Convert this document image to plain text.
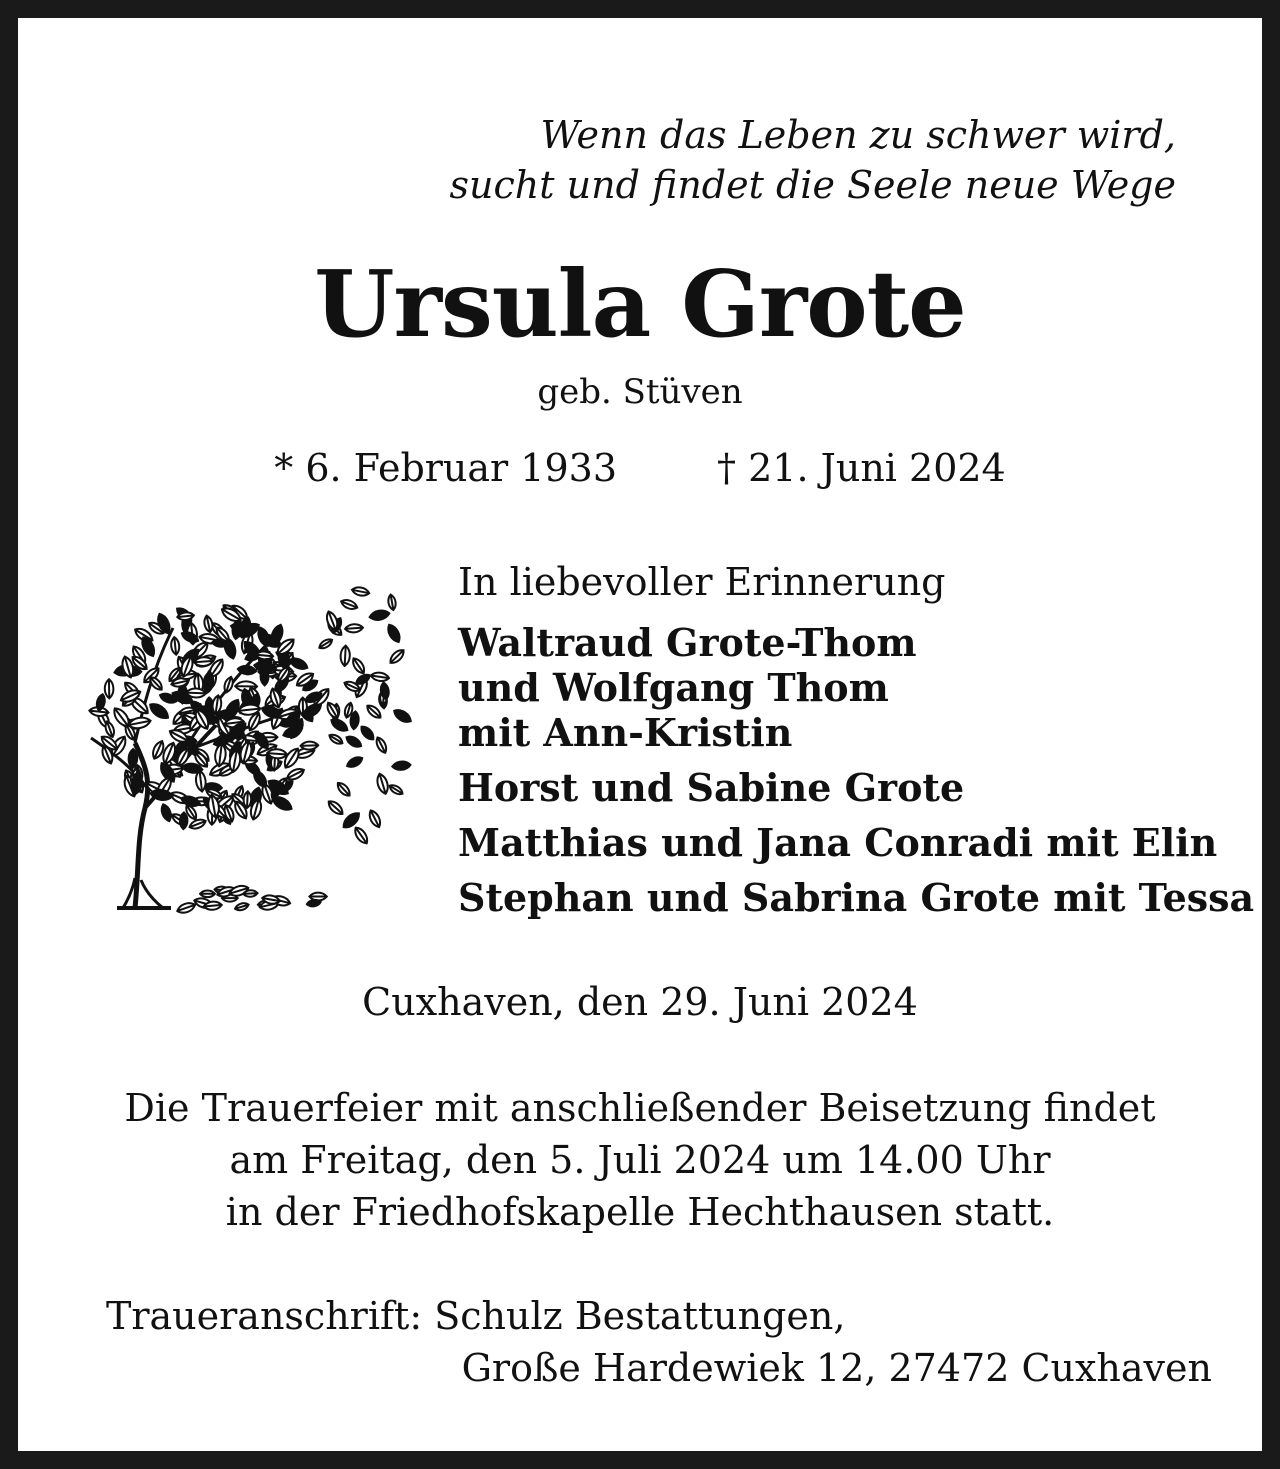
Wenn das Leben zu schwer wird,
sucht und findet die Seele neue Wege
Ursula Grote
geb. Stüven
* 6. Februar 1933	† 21. Juni 2024
In liebevoller Erinnerung
Waltraud Grote-Thom
und Wolfgang Thom
mit Ann-Kristin
Horst und Sabine Grote
Matthias und Jana Conradi mit Elin
Stephan und Sabrina Grote mit Tessa
Cuxhaven, den 29. Juni 2024
Die Trauerfeier mit anschließender Beisetzung findet
am Freitag, den 5. Juli 2024 um 14.00 Uhr
in der Friedhofskapelle Hechthausen statt.
Traueranschrift: Schulz Bestattungen,
Große Hardewiek 12, 27472 Cuxhaven
